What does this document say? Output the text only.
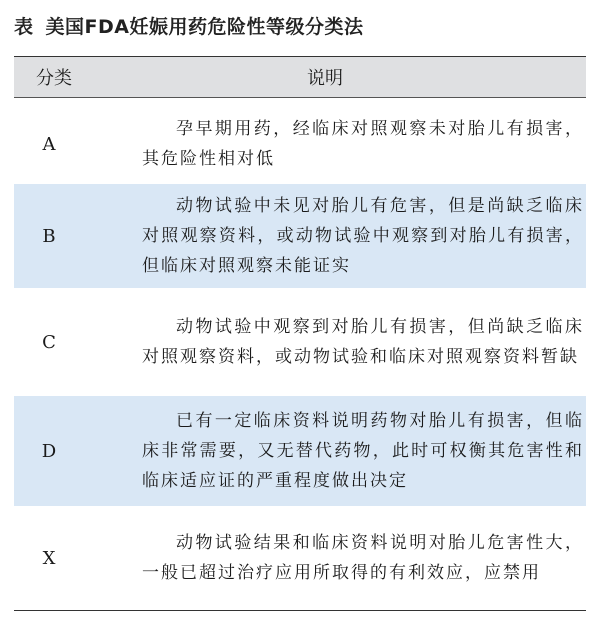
表 美国FDA妊娠用药危险性等级分类法
分类	说明
A
孕早期用药，经临床对照观察未对胎儿有损害，其危险性相对低
B
动物试验中未见对胎儿有危害，但是尚缺乏临床对照观察资料，或动物试验中观察到对胎儿有损害，但临床对照观察未能证实
C
动物试验中观察到对胎儿有损害，但尚缺乏临床对照观察资料，或动物试验和临床对照观察资料暂缺
D
已有一定临床资料说明药物对胎儿有损害，但临床非常需要，又无替代药物，此时可权衡其危害性和临床适应证的严重程度做出决定
X
动物试验结果和临床资料说明对胎儿危害性大，一般已超过治疗应用所取得的有利效应，应禁用
